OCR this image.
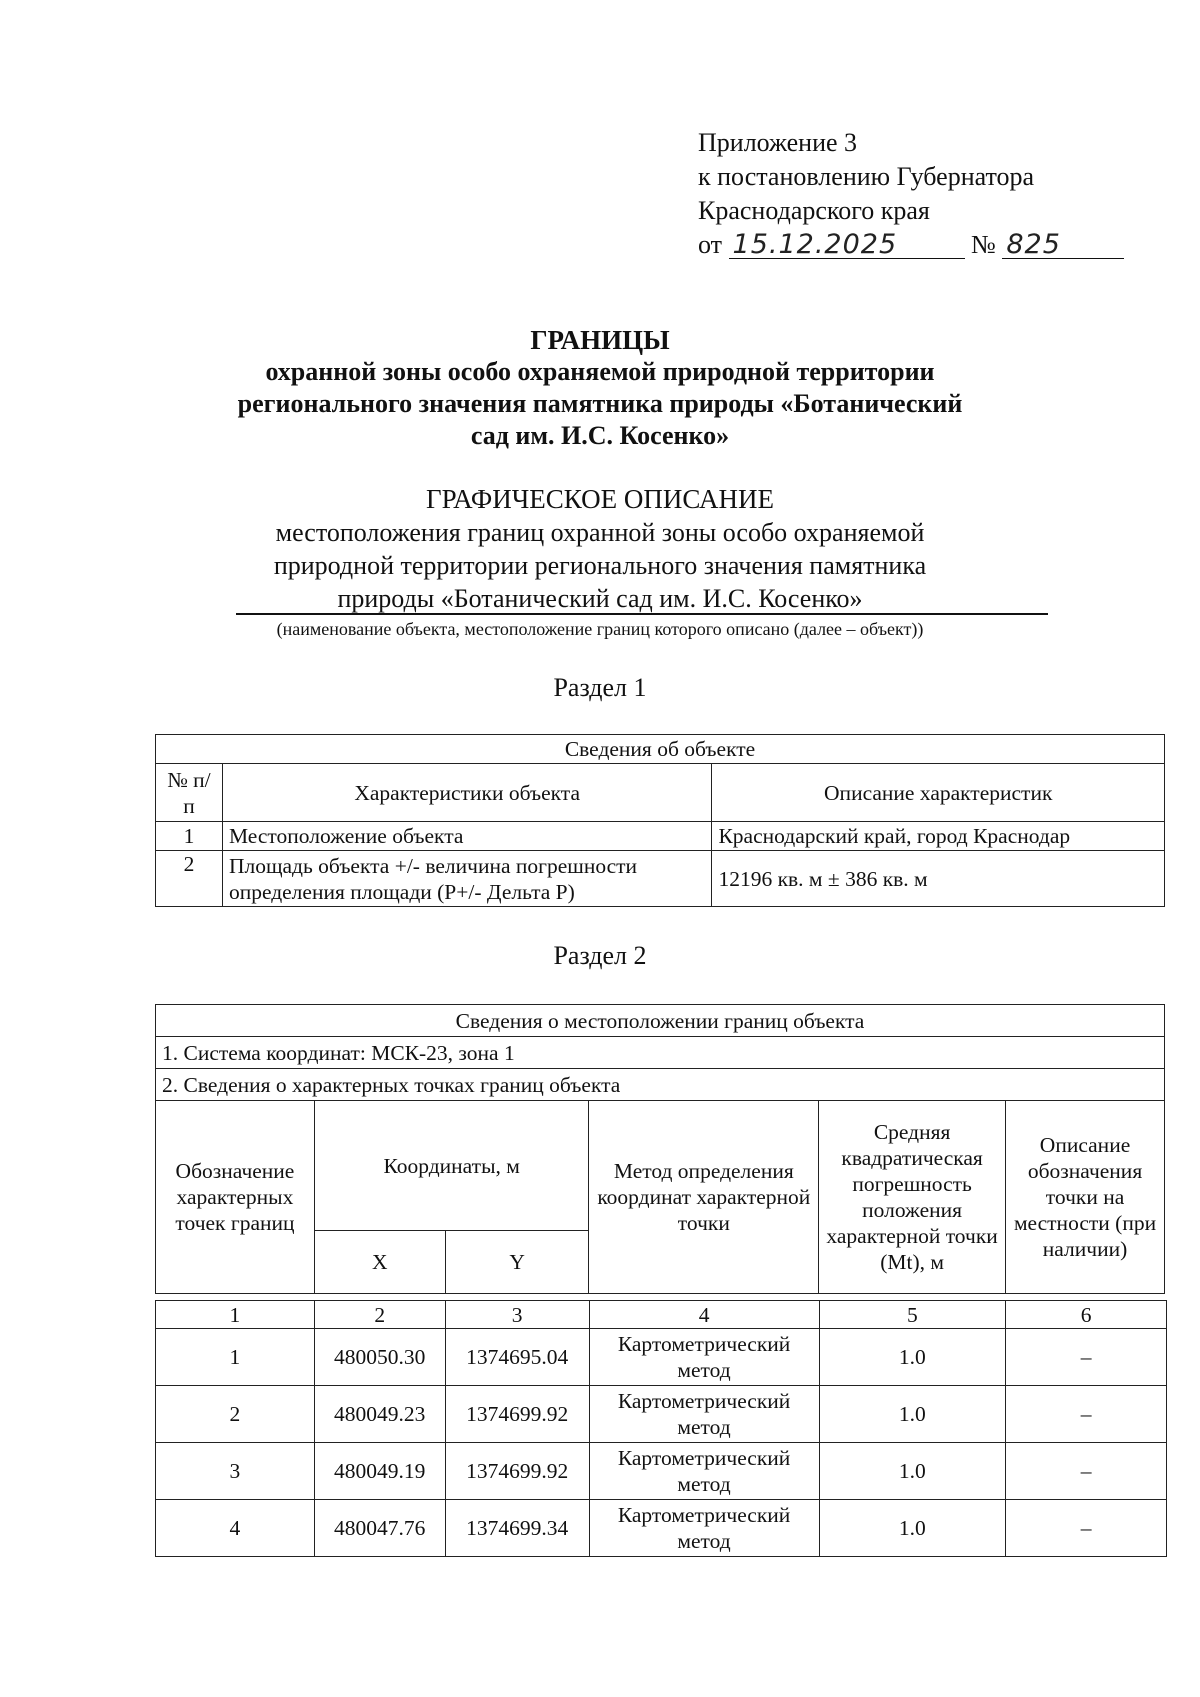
Приложение 3
к постановлению Губернатора
Краснодарского края
от 15.12.2025	№ 825
ГРАНИЦЫ
охранной зоны особо охраняемой природной территории
регионального значения памятника природы «Ботанический
сад им. И.С. Косенко»
ГРАФИЧЕСКОЕ ОПИСАНИЕ
местоположения границ охранной зоны особо охраняемой
природной территории регионального значения памятника
природы «Ботанический сад им. И.С. Косенко»
(наименование объекта, местоположение границ которого описано (далее – объект))
Раздел 1
Сведения об объекте		
№ п/п	Характеристики объекта	Описание характеристик
1	Местоположение объекта	Краснодарский край, город Краснодар
2	Площадь объекта +/- величина погрешности определения площади (P+/- Дельта P)	12196 кв. м ± 386 кв. м
Раздел 2
Сведения о местоположении границ объекта					
1. Система координат: МСК-23, зона 1					
2. Сведения о характерных точках границ объекта					
Обозначение характерных точек границ	Координаты, м		Метод определения координат характерной точки	Средняя квадратическая погрешность положения характерной точки (Mt), м	Описание обозначения точки на местности (при наличии)
	X	Y			
1	2	3	4	5	6
1	480050.30	1374695.04	Картометрический метод	1.0	–
2	480049.23	1374699.92	Картометрический метод	1.0	–
3	480049.19	1374699.92	Картометрический метод	1.0	–
4	480047.76	1374699.34	Картометрический метод	1.0	–
